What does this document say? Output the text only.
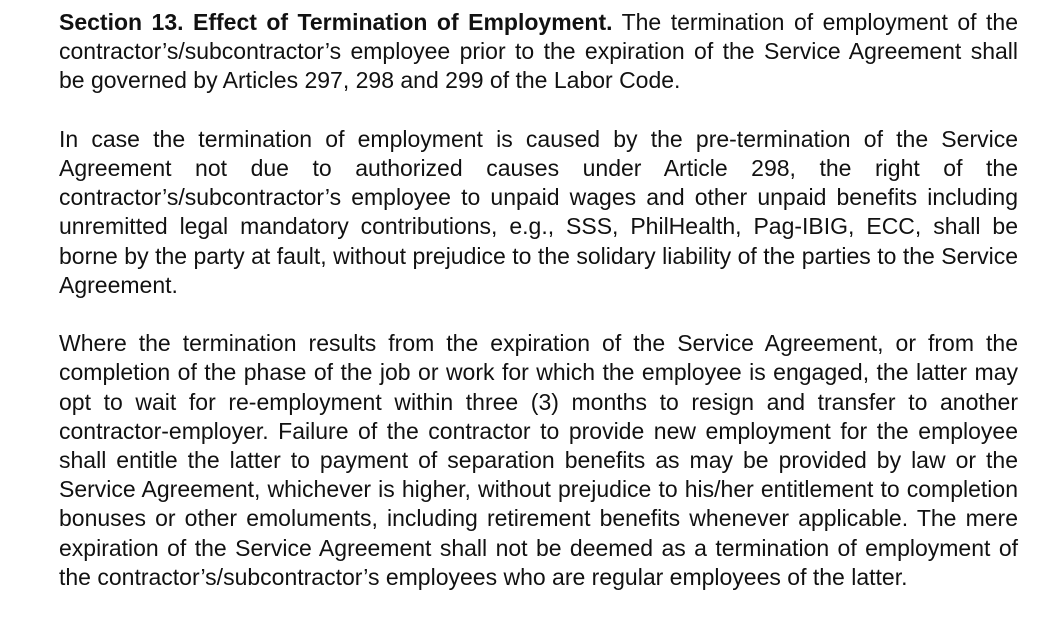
Section 13. Effect of Termination of Employment. The termination of employment of the contractor’s/subcontractor’s employee prior to the expiration of the Service Agreement shall be governed by Articles 297, 298 and 299 of the Labor Code.

In case the termination of employment is caused by the pre-termination of the Service Agreement not due to authorized causes under Article 298, the right of the contractor’s/subcontractor’s employee to unpaid wages and other unpaid benefits including unremitted legal mandatory contributions, e.g., SSS, PhilHealth, Pag-IBIG, ECC, shall be borne by the party at fault, without prejudice to the solidary liability of the parties to the Service Agreement.

Where the termination results from the expiration of the Service Agreement, or from the completion of the phase of the job or work for which the employee is engaged, the latter may opt to wait for re-employment within three (3) months to resign and transfer to another contractor-employer. Failure of the contractor to provide new employment for the employee shall entitle the latter to payment of separation benefits as may be provided by law or the Service Agreement, whichever is higher, without prejudice to his/her entitlement to completion bonuses or other emoluments, including retirement benefits whenever applicable. The mere expiration of the Service Agreement shall not be deemed as a termination of employment of the contractor’s/subcontractor’s employees who are regular employees of the latter.
